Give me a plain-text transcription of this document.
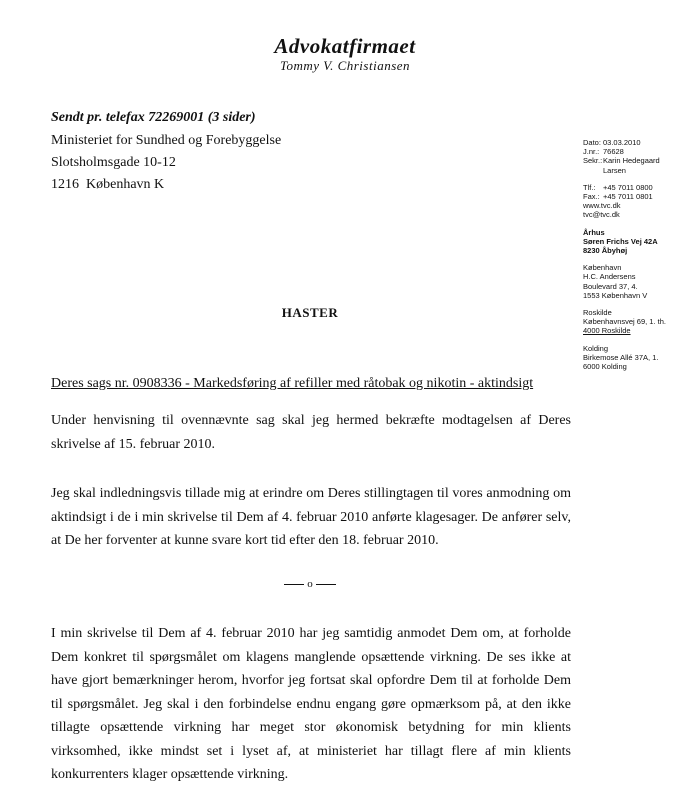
Advokatfirmaet
Tommy V. Christiansen
Sendt pr. telefax 72269001 (3 sider)
Ministeriet for Sundhed og Forebyggelse
Slotsholmsgade 10-12
1216  København K
Dato: 03.03.2010
J.nr.: 76628
Sekr.: Karin Hedegaard
Larsen
Tlf.:	+45 7011 0800
Fax.: +45 7011 0801
www.tvc.dk
tvc@tvc.dk
Århus
Søren Frichs Vej 42A
8230 Åbyhøj
København
H.C. Andersens
Boulevard 37, 4.
1553 København V
Roskilde
Københavnsvej 69, 1. th.
4000 Roskilde
Kolding
Birkemose Allé 37A, 1.
6000 Kolding
HASTER
Deres sags nr. 0908336 - Markedsføring af refiller med råtobak og nikotin - aktindsigt
Under henvisning til ovennævnte sag skal jeg hermed bekræfte modtagelsen af Deres skrivelse af 15. februar 2010.
Jeg skal indledningsvis tillade mig at erindre om Deres stillingtagen til vores anmodning om aktindsigt i de i min skrivelse til Dem af 4. februar 2010 anførte klagesager. De anfører selv, at De her forventer at kunne svare kort tid efter den 18. februar 2010.
o
I min skrivelse til Dem af 4. februar 2010 har jeg samtidig anmodet Dem om, at forholde Dem konkret til spørgsmålet om klagens manglende opsættende virkning. De ses ikke at have gjort bemærkninger herom, hvorfor jeg fortsat skal opfordre Dem til at forholde Dem til spørgsmålet. Jeg skal i den forbindelse endnu engang gøre opmærksom på, at den ikke tillagte opsættende virkning har meget stor økonomisk betydning for min klients virksomhed, ikke mindst set i lyset af, at ministeriet har tillagt flere af min klients konkurrenters klager opsættende virkning.
